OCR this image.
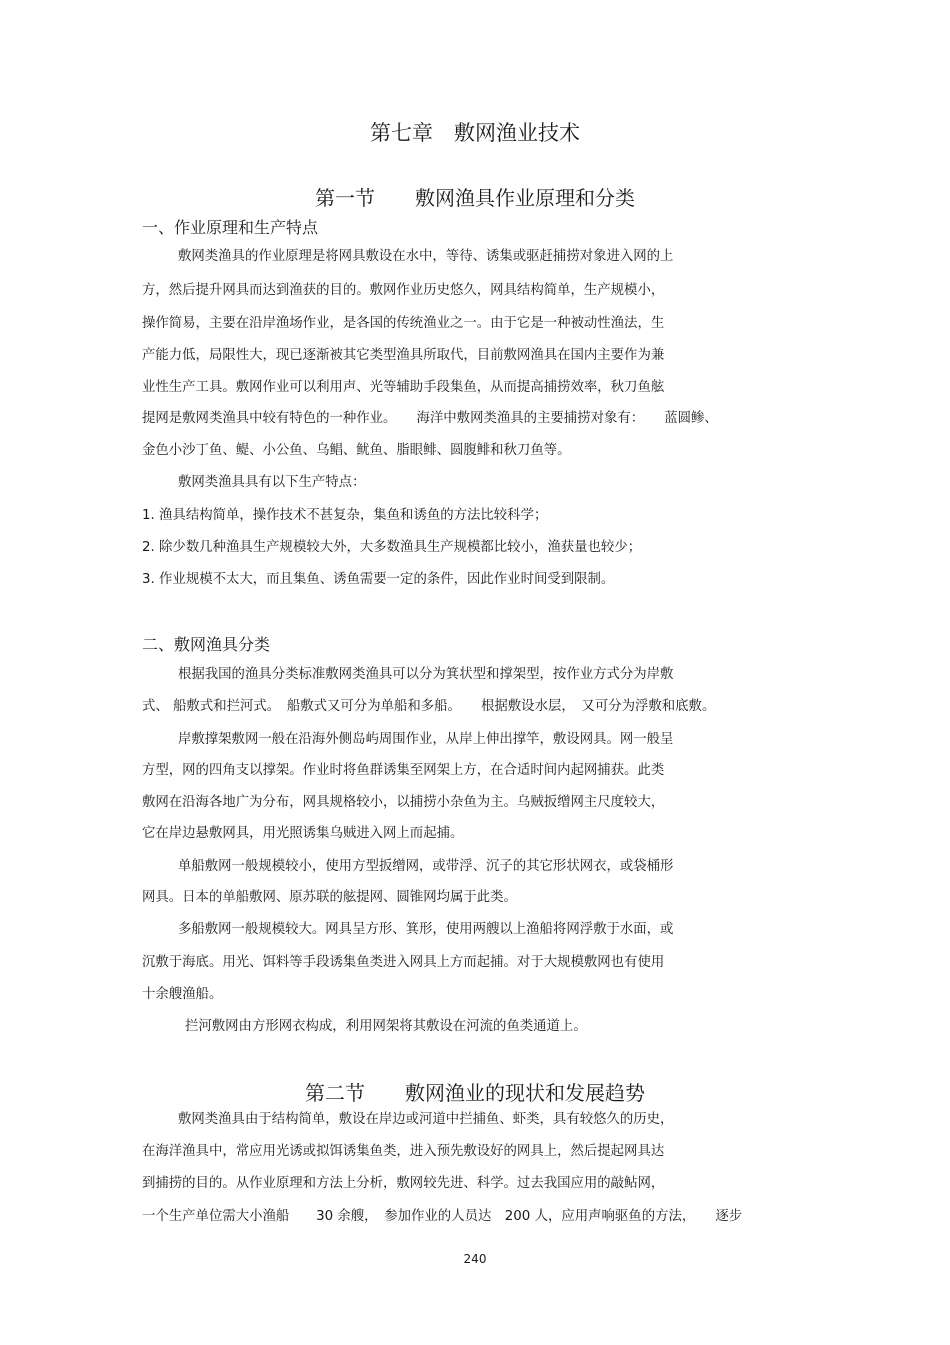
第七章　敷网渔业技术
第一节　　敷网渔具作业原理和分类
一、作业原理和生产特点
敷网类渔具的作业原理是将网具敷设在水中，等待、诱集或驱赶捕捞对象进入网的上
方，然后提升网具而达到渔获的目的。敷网作业历史悠久，网具结构简单，生产规模小，
操作简易，主要在沿岸渔场作业，是各国的传统渔业之一。由于它是一种被动性渔法，生
产能力低，局限性大，现已逐渐被其它类型渔具所取代，目前敷网渔具在国内主要作为兼
业性生产工具。敷网作业可以利用声、光等辅助手段集鱼，从而提高捕捞效率，秋刀鱼舷
提网是敷网类渔具中较有特色的一种作业。　　海洋中敷网类渔具的主要捕捞对象有：　　蓝圆鲹、
金色小沙丁鱼、鳀、小公鱼、乌鲳、鱿鱼、脂眼鲱、圆腹鲱和秋刀鱼等。
敷网类渔具具有以下生产特点：
1. 渔具结构简单，操作技术不甚复杂，集鱼和诱鱼的方法比较科学；
2. 除少数几种渔具生产规模较大外，大多数渔具生产规模都比较小，渔获量也较少；
3. 作业规模不太大，而且集鱼、诱鱼需要一定的条件，因此作业时间受到限制。
二、敷网渔具分类
根据我国的渔具分类标准敷网类渔具可以分为箕状型和撑架型，按作业方式分为岸敷
式、 船敷式和拦河式。　船敷式又可分为单船和多船。　　根据敷设水层，　又可分为浮敷和底敷。
岸敷撑架敷网一般在沿海外侧岛屿周围作业，从岸上伸出撑竿，敷设网具。网一般呈
方型，网的四角支以撑架。作业时将鱼群诱集至网架上方，在合适时间内起网捕获。此类
敷网在沿海各地广为分布，网具规格较小，以捕捞小杂鱼为主。乌贼扳缯网主尺度较大，
它在岸边悬敷网具，用光照诱集乌贼进入网上而起捕。
单船敷网一般规模较小，使用方型扳缯网，或带浮、沉子的其它形状网衣，或袋桶形
网具。日本的单船敷网、原苏联的舷提网、圆锥网均属于此类。
多船敷网一般规模较大。网具呈方形、箕形，使用两艘以上渔船将网浮敷于水面，或
沉敷于海底。用光、饵料等手段诱集鱼类进入网具上方而起捕。对于大规模敷网也有使用
十余艘渔船。
拦河敷网由方形网衣构成，利用网架将其敷设在河流的鱼类通道上。
第二节　　敷网渔业的现状和发展趋势
敷网类渔具由于结构简单，敷设在岸边或河道中拦捕鱼、虾类，具有较悠久的历史，
在海洋渔具中，常应用光诱或拟饵诱集鱼类，进入预先敷设好的网具上，然后提起网具达
到捕捞的目的。从作业原理和方法上分析，敷网较先进、科学。过去我国应用的敲鲇网，
一个生产单位需大小渔船　　30 余艘，　参加作业的人员达　200 人，应用声响驱鱼的方法，　　逐步
240
